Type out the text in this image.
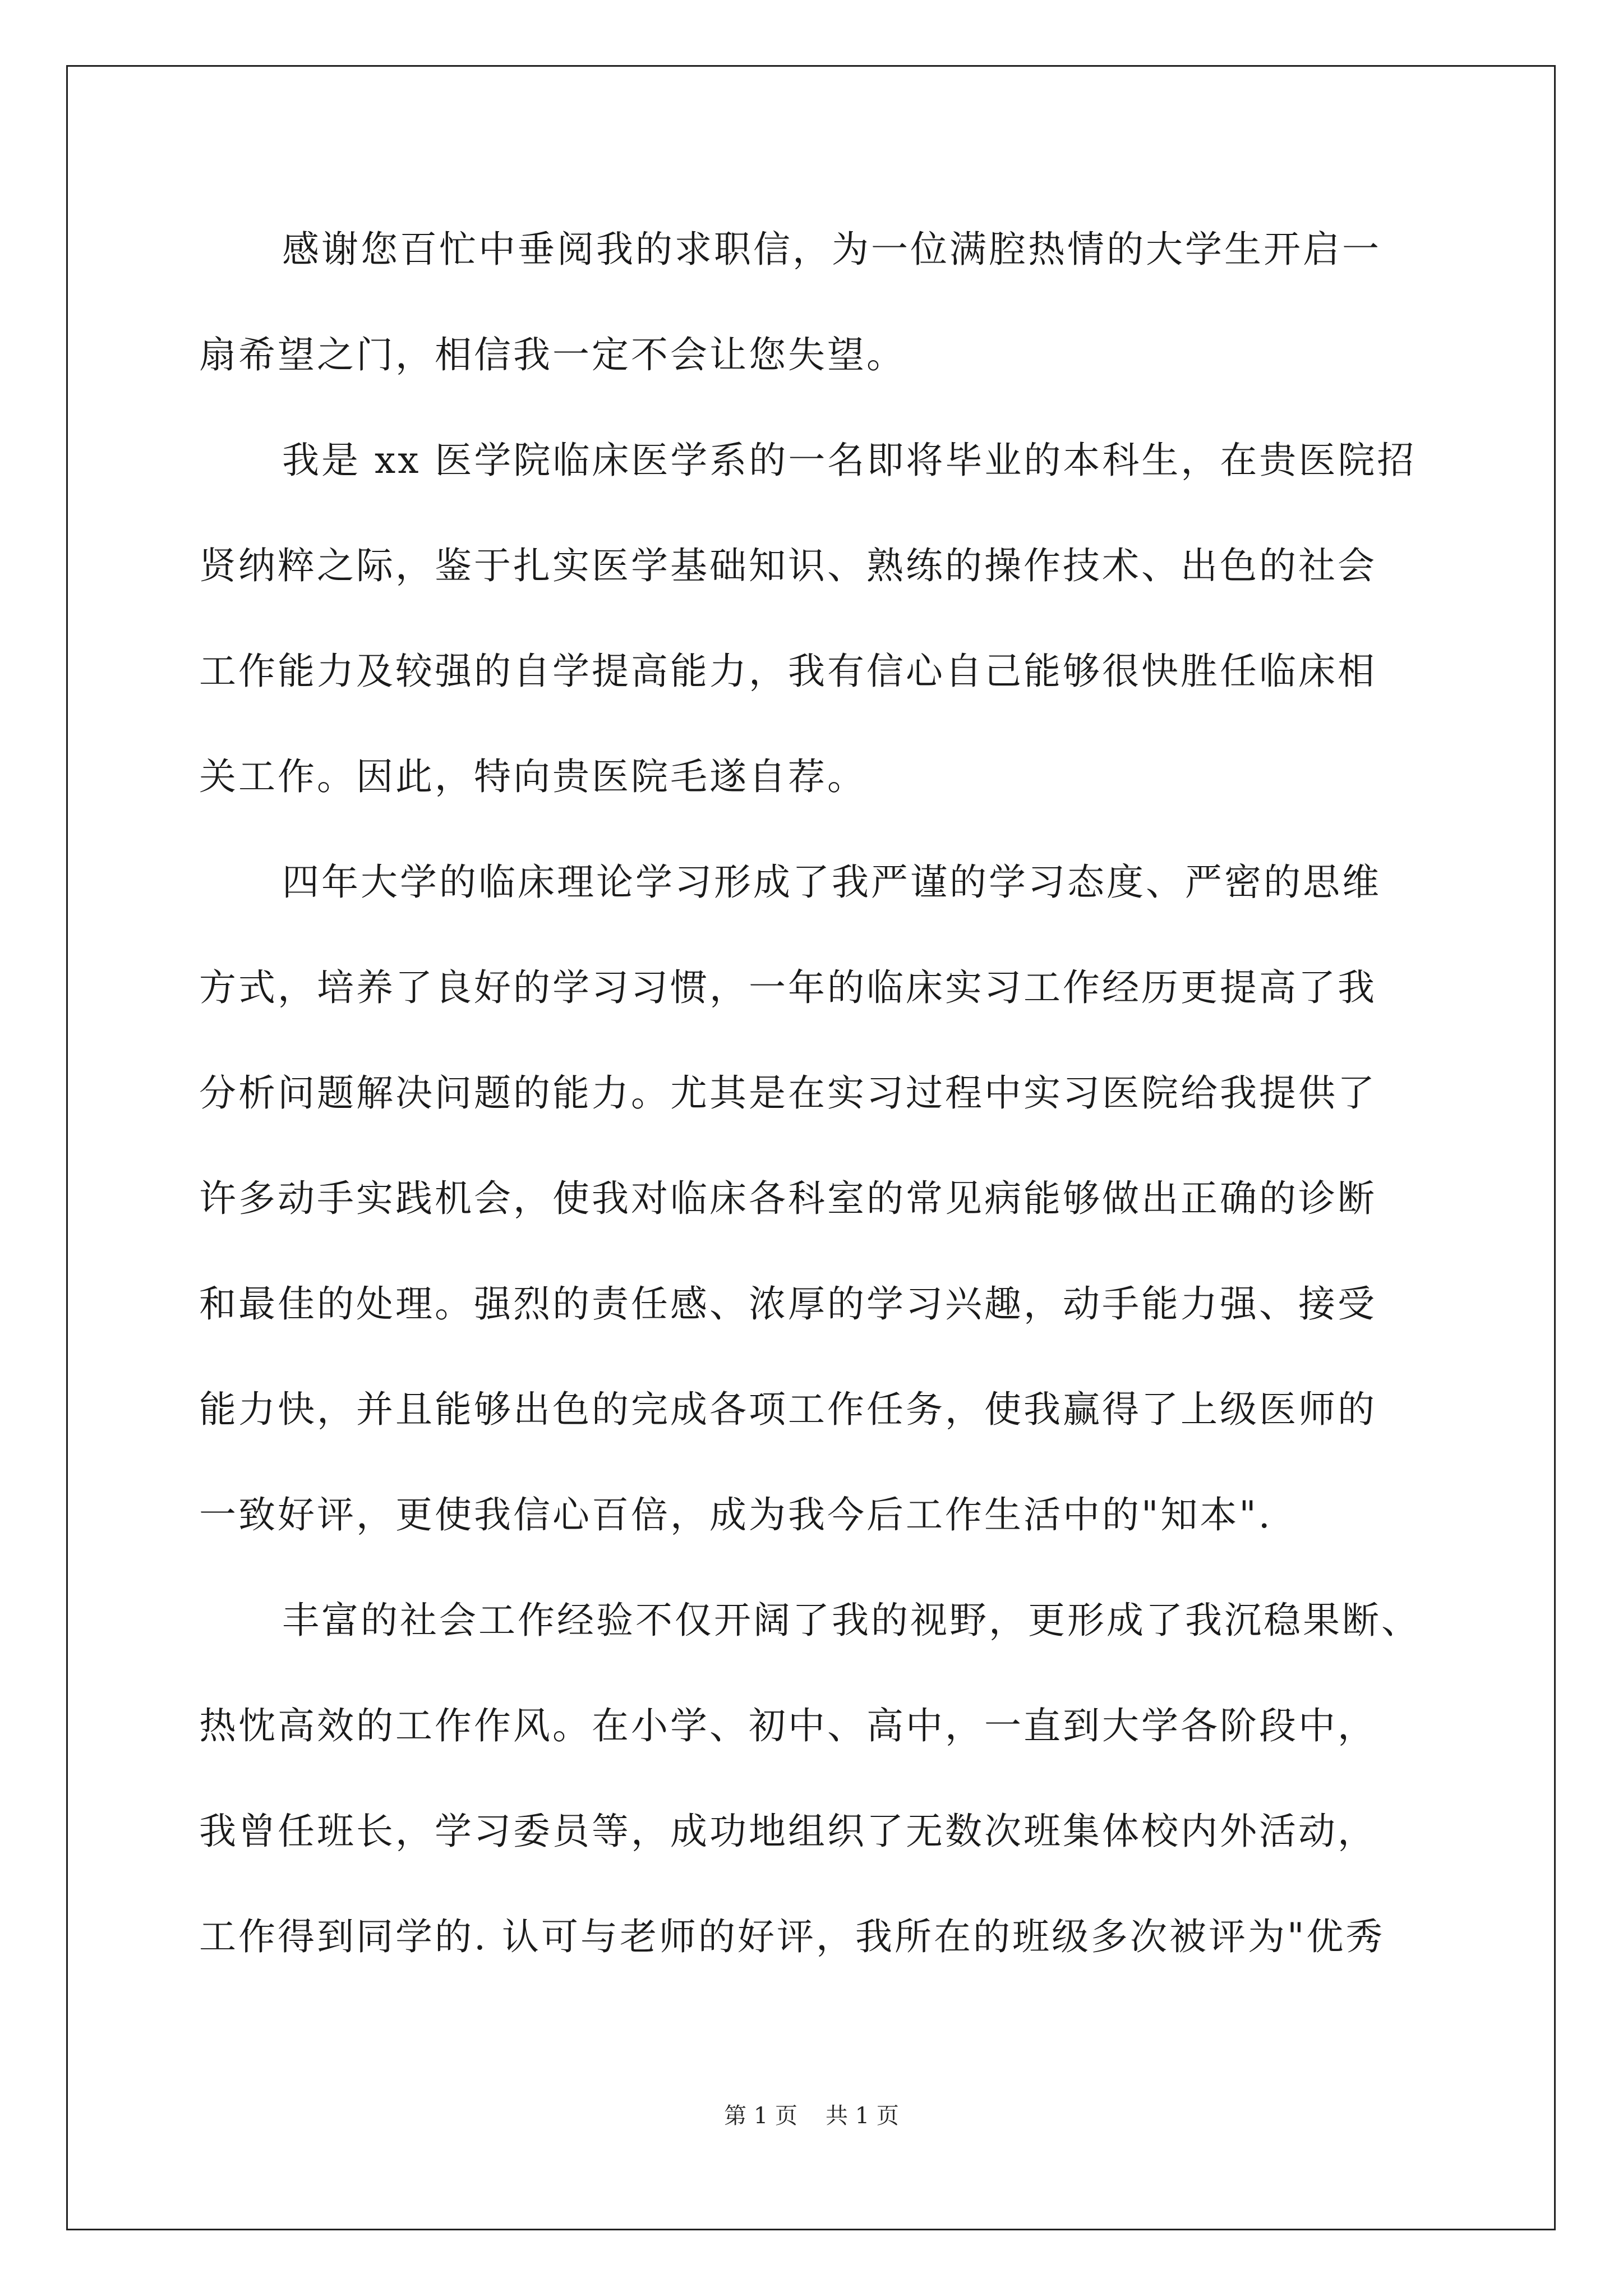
感谢您百忙中垂阅我的求职信，为一位满腔热情的大学生开启一
扇希望之门，相信我一定不会让您失望。
我是 xx 医学院临床医学系的一名即将毕业的本科生，在贵医院招
贤纳粹之际，鉴于扎实医学基础知识、熟练的操作技术、出色的社会
工作能力及较强的自学提高能力，我有信心自己能够很快胜任临床相
关工作。因此，特向贵医院毛遂自荐。
四年大学的临床理论学习形成了我严谨的学习态度、严密的思维
方式，培养了良好的学习习惯，一年的临床实习工作经历更提高了我
分析问题解决问题的能力。尤其是在实习过程中实习医院给我提供了
许多动手实践机会，使我对临床各科室的常见病能够做出正确的诊断
和最佳的处理。强烈的责任感、浓厚的学习兴趣，动手能力强、接受
能力快，并且能够出色的完成各项工作任务，使我赢得了上级医师的
一致好评，更使我信心百倍，成为我今后工作生活中的"知本".
丰富的社会工作经验不仅开阔了我的视野，更形成了我沉稳果断、
热忱高效的工作作风。在小学、初中、高中，一直到大学各阶段中，
我曾任班长，学习委员等，成功地组织了无数次班集体校内外活动，
工作得到同学的. 认可与老师的好评，我所在的班级多次被评为"优秀
第 1 页 共 1 页
